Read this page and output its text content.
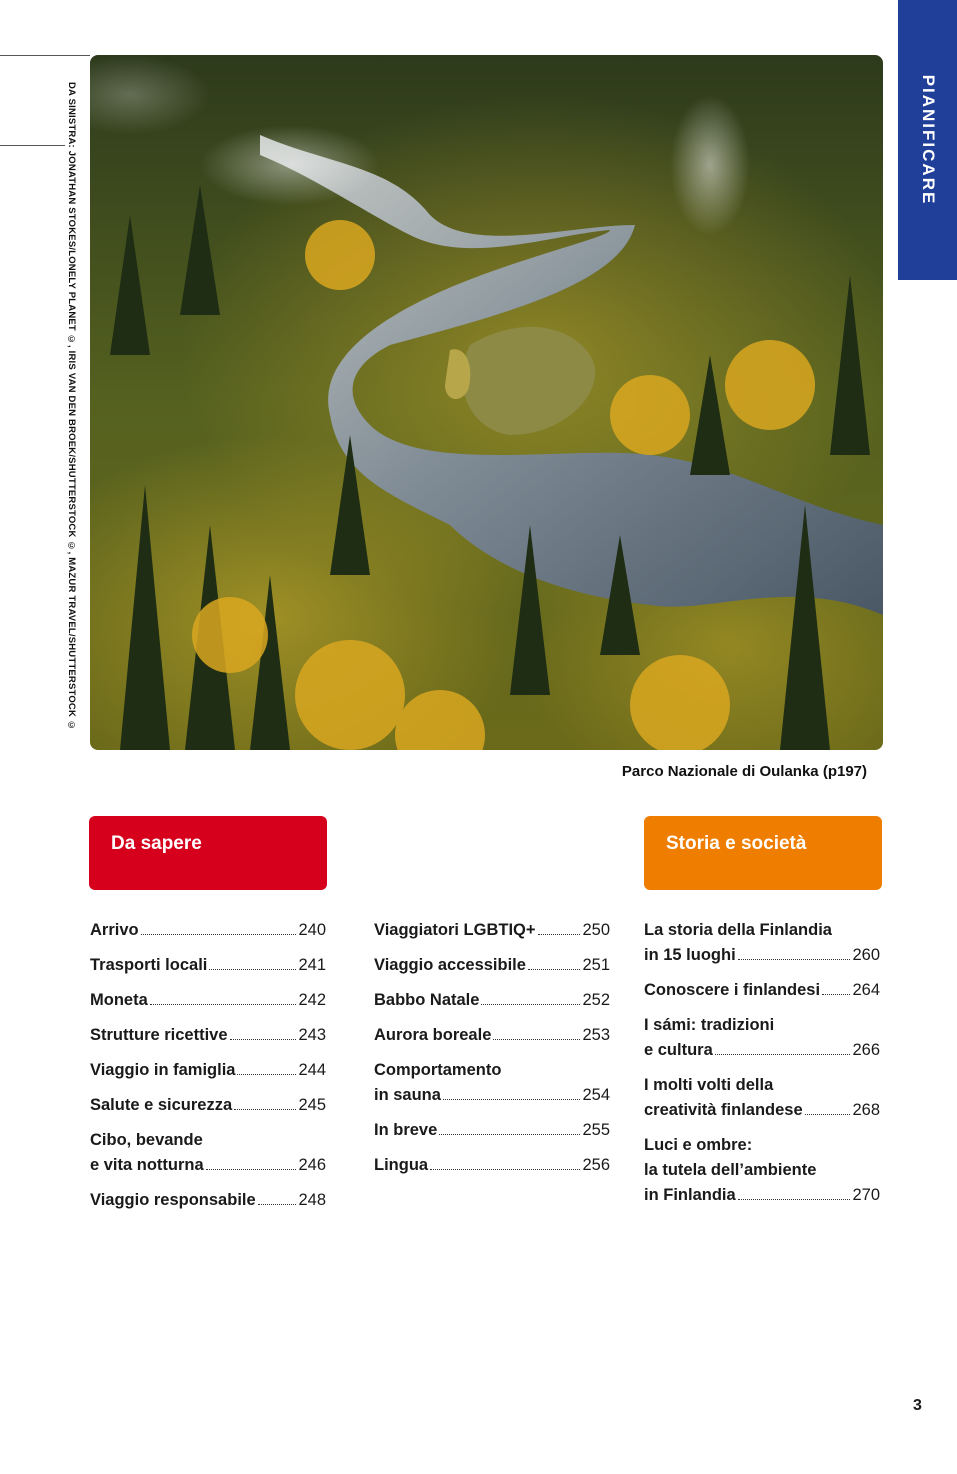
DA SINISTRA: JONATHAN STOKES/LONELY PLANET ©, IRIS VAN DEN BROEK/SHUTTERSTOCK ©, MAZUR TRAVEL/SHUTTERSTOCK ©	PIANIFICARE
Parco Nazionale di Oulanka (p197)
Da sapere	Storia e società
Arrivo	240
Trasporti locali	241
Moneta	242
Strutture ricettive	243
Viaggio in famiglia	244
Salute e sicurezza	245
Cibo, bevande
e vita notturna	246
Viaggio responsabile	248
Viaggiatori LGBTIQ+	250
Viaggio accessibile	251
Babbo Natale	252
Aurora boreale	253
Comportamento
in sauna	254
In breve	255
Lingua	256
La storia della Finlandia
in 15 luoghi	260
Conoscere i finlandesi 264
I sámi: tradizioni
e cultura	266
I molti volti della
creatività finlandese	268
Luci e ombre:
la tutela dell’ambiente
in Finlandia	270
3
